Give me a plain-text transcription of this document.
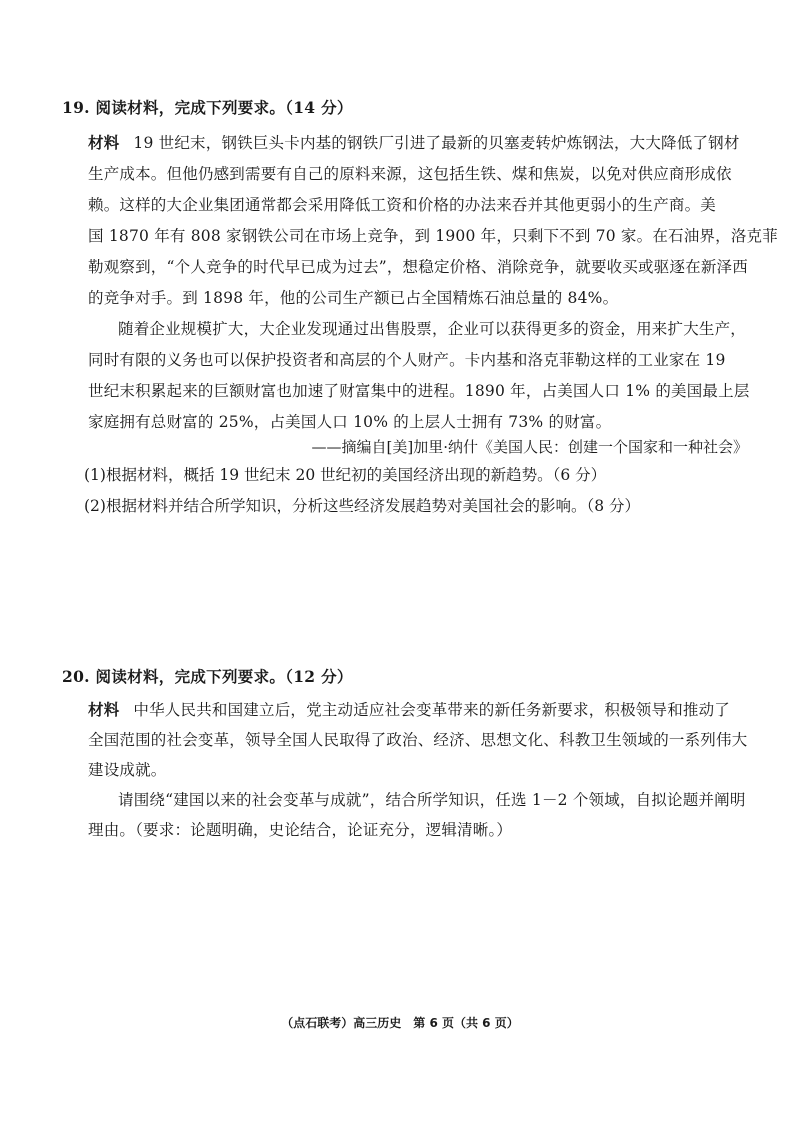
19. 阅读材料，完成下列要求。（14 分）
材料 19 世纪末，钢铁巨头卡内基的钢铁厂引进了最新的贝塞麦转炉炼钢法，大大降低了钢材
生产成本。但他仍感到需要有自己的原料来源，这包括生铁、煤和焦炭，以免对供应商形成依
赖。这样的大企业集团通常都会采用降低工资和价格的办法来吞并其他更弱小的生产商。美
国 1870 年有 808 家钢铁公司在市场上竞争，到 1900 年，只剩下不到 70 家。在石油界，洛克菲
勒观察到，“个人竞争的时代早已成为过去”，想稳定价格、消除竞争，就要收买或驱逐在新泽西
的竞争对手。到 1898 年，他的公司生产额已占全国精炼石油总量的 84%。
随着企业规模扩大，大企业发现通过出售股票，企业可以获得更多的资金，用来扩大生产，
同时有限的义务也可以保护投资者和高层的个人财产。卡内基和洛克菲勒这样的工业家在 19
世纪末积累起来的巨额财富也加速了财富集中的进程。1890 年，占美国人口 1% 的美国最上层
家庭拥有总财富的 25%，占美国人口 10% 的上层人士拥有 73% 的财富。
——摘编自[美]加里·纳什《美国人民：创建一个国家和一种社会》
(1)根据材料，概括 19 世纪末 20 世纪初的美国经济出现的新趋势。（6 分）
(2)根据材料并结合所学知识，分析这些经济发展趋势对美国社会的影响。（8 分）
20. 阅读材料，完成下列要求。（12 分）
材料 中华人民共和国建立后，党主动适应社会变革带来的新任务新要求，积极领导和推动了
全国范围的社会变革，领导全国人民取得了政治、经济、思想文化、科教卫生领域的一系列伟大
建设成就。
请围绕“建国以来的社会变革与成就”，结合所学知识，任选 1－2 个领域，自拟论题并阐明
理由。（要求：论题明确，史论结合，论证充分，逻辑清晰。）
（点石联考）高三历史　第 6 页（共 6 页）
